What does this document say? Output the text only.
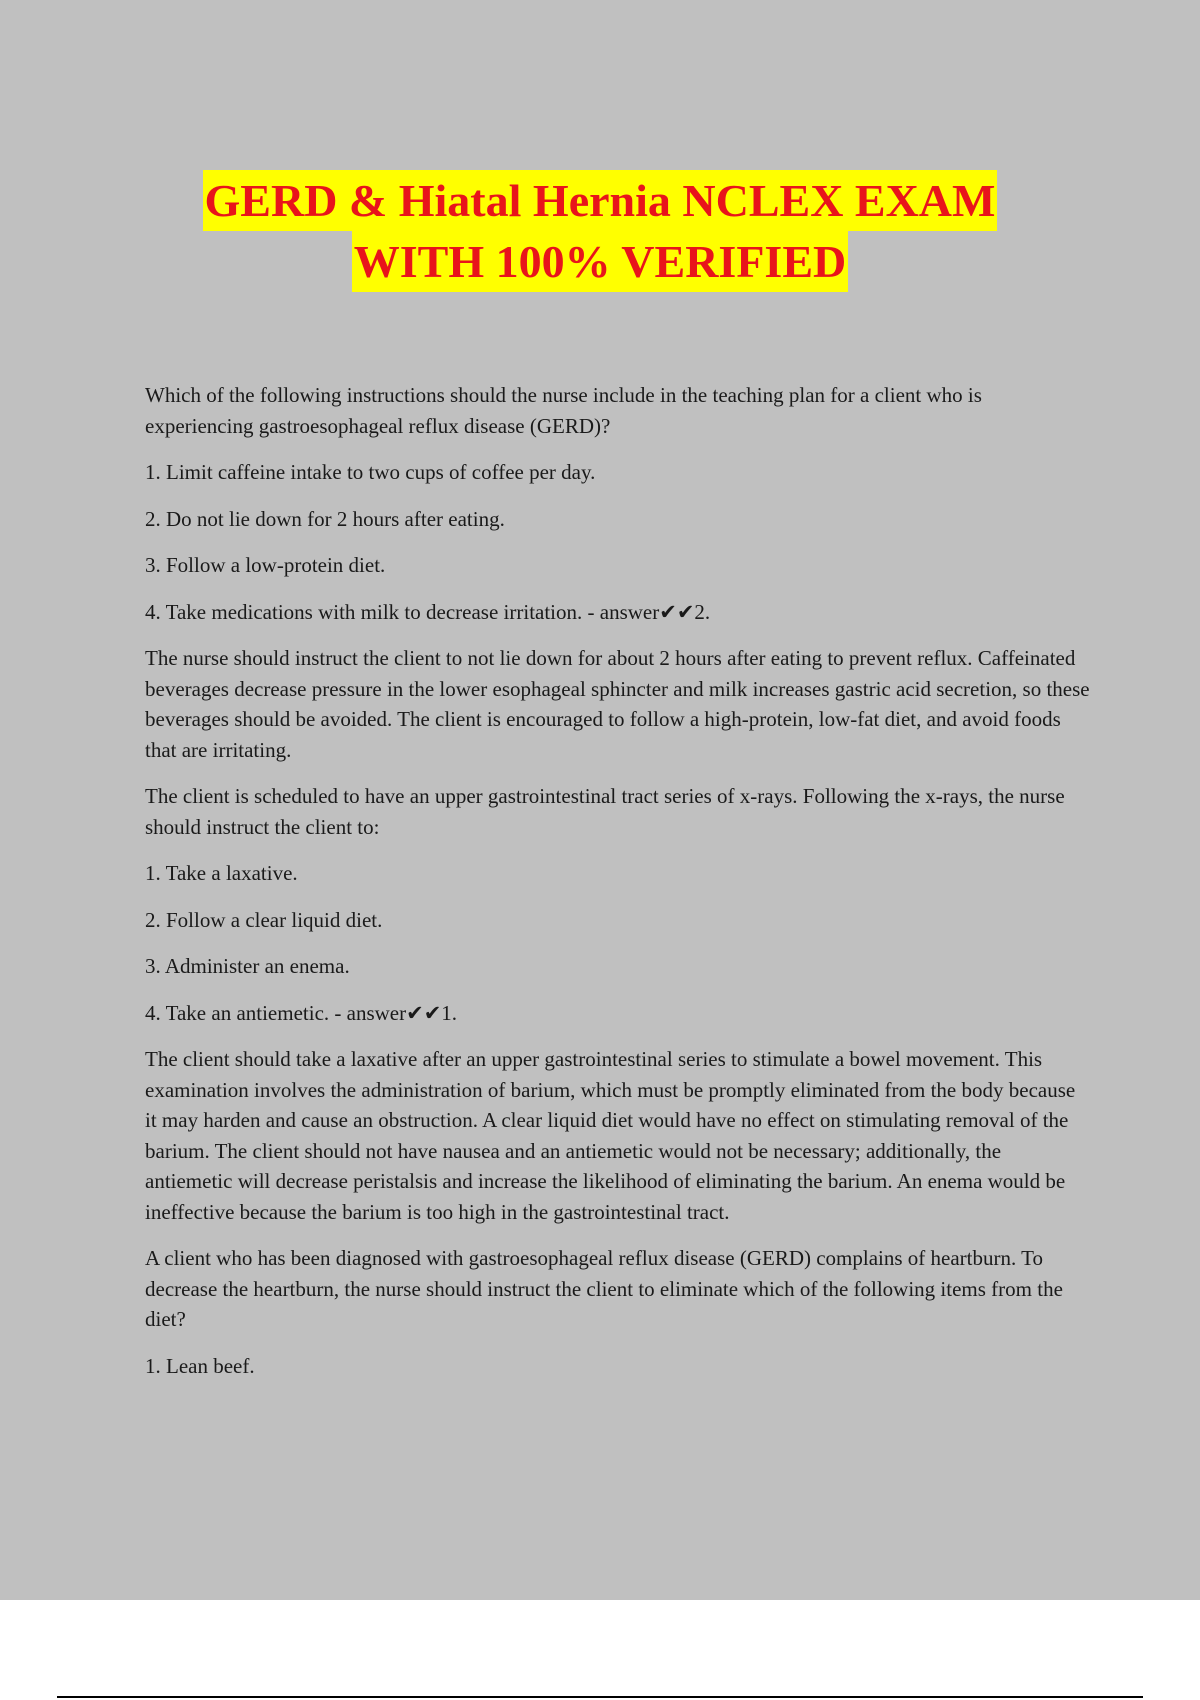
GERD & Hiatal Hernia NCLEX EXAM
WITH 100% VERIFIED

Which of the following instructions should the nurse include in the teaching plan for a client who is experiencing gastroesophageal reflux disease (GERD)?

1. Limit caffeine intake to two cups of coffee per day.

2. Do not lie down for 2 hours after eating.

3. Follow a low-protein diet.

4. Take medications with milk to decrease irritation. - answer✔✔2.

The nurse should instruct the client to not lie down for about 2 hours after eating to prevent reflux. Caffeinated beverages decrease pressure in the lower esophageal sphincter and milk increases gastric acid secretion, so these beverages should be avoided. The client is encouraged to follow a high-protein, low-fat diet, and avoid foods that are irritating.

The client is scheduled to have an upper gastrointestinal tract series of x-rays. Following the x-rays, the nurse should instruct the client to:

1. Take a laxative.

2. Follow a clear liquid diet.

3. Administer an enema.

4. Take an antiemetic. - answer✔✔1.

The client should take a laxative after an upper gastrointestinal series to stimulate a bowel movement. This examination involves the administration of barium, which must be promptly eliminated from the body because it may harden and cause an obstruction. A clear liquid diet would have no effect on stimulating removal of the barium. The client should not have nausea and an antiemetic would not be necessary; additionally, the antiemetic will decrease peristalsis and increase the likelihood of eliminating the barium. An enema would be ineffective because the barium is too high in the gastrointestinal tract.

A client who has been diagnosed with gastroesophageal reflux disease (GERD) complains of heartburn. To decrease the heartburn, the nurse should instruct the client to eliminate which of the following items from the diet?

1. Lean beef.
